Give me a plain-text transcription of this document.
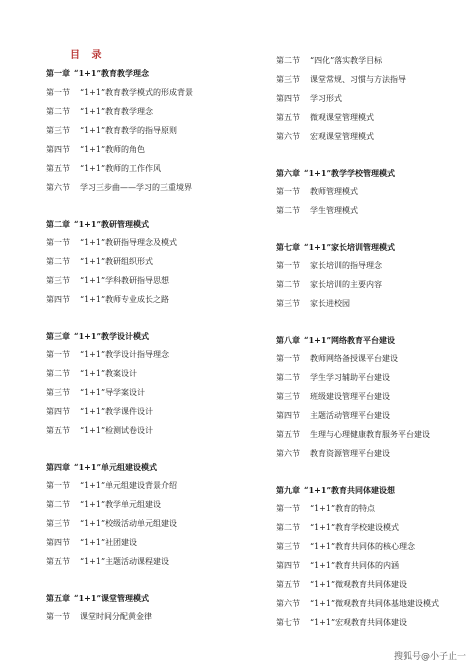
目 录
第一章 “1+1”教育教学理念
第一节 “1+1”教育教学模式的形成背景
第二节 “1+1”教育教学理念
第三节 “1+1”教育教学的指导原则
第四节 “1+1”教师的角色
第五节 “1+1”教师的工作作风
第六节 学习三步曲——学习的三重境界
第二章 “1+1”教研管理模式
第一节 “1+1”教研指导理念及模式
第二节 “1+1”教研组织形式
第三节 “1+1”学科教研指导思想
第四节 “1+1”教师专业成长之路
第三章 “1+1”教学设计模式
第一节 “1+1”教学设计指导理念
第二节 “1+1”教案设计
第三节 “1+1”导学案设计
第四节 “1+1”教学课件设计
第五节 “1+1”检测试卷设计
第四章 “1+1”单元组建设模式
第一节 “1+1”单元组建设背景介绍
第二节 “1+1”教学单元组建设
第三节 “1+1”校级活动单元组建设
第四节 “1+1”社团建设
第五节 “1+1”主题活动课程建设
第五章 “1+1”课堂管理模式
第一节 课堂时间分配黄金律
第二节 “四化”落实教学目标
第三节 课堂常规、习惯与方法指导
第四节 学习形式
第五节 微观课堂管理模式
第六节 宏观课堂管理模式
第六章 “1+1”教学学校管理模式
第一节 教师管理模式
第二节 学生管理模式
第七章 “1+1”家长培训管理模式
第一节 家长培训的指导理念
第二节 家长培训的主要内容
第三节 家长进校园
第八章 “1+1”网络教育平台建设
第一节 教师网络备授课平台建设
第二节 学生学习辅助平台建设
第三节 班级建设管理平台建设
第四节 主题活动管理平台建设
第五节 生理与心理健康教育服务平台建设
第六节 教育资源管理平台建设
第九章 “1+1”教育共同体建设想
第一节 “1+1”教育的特点
第二节 “1+1”教育学校建设模式
第三节 “1+1”教育共同体的核心理念
第四节 “1+1”教育共同体的内涵
第五节 “1+1”微观教育共同体建设
第六节 “1+1”微观教育共同体基地建设模式
第七节 “1+1”宏观教育共同体建设
搜狐号@小子止一
